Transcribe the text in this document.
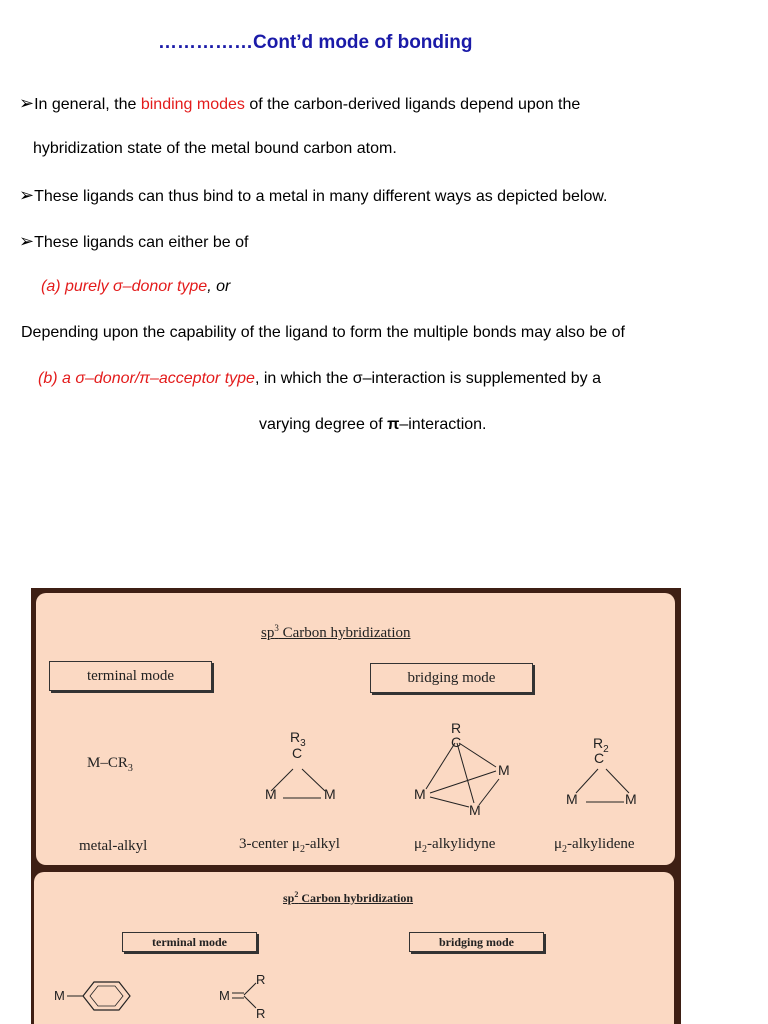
……………Cont’d mode of bonding
➢In general, the binding modes of the carbon-derived ligands depend upon the
hybridization state of the metal bound carbon atom.
➢These ligands can thus bind to a metal in many different ways as depicted below.
➢These ligands can either be of
(a) purely σ–donor type, or
Depending upon the capability of the ligand to form the multiple bonds may also be of
(b) a σ–donor/π–acceptor type, in which the σ–interaction is supplemented by a
varying degree of π–interaction.
$sp^3$ Carbon hybridization
terminal mode	bridging mode
$M-CR_3$
$R_3$
C
M	M
R
C
M
M
M
$R_2$
C
M	M
metal-alkyl	3-center $\mu_2$-alkyl	$\mu_2$-alkylidyne	$\mu_2$-alkylidene
$sp^2$ Carbon hybridization
terminal mode	bridging mode
M	M
R
R
